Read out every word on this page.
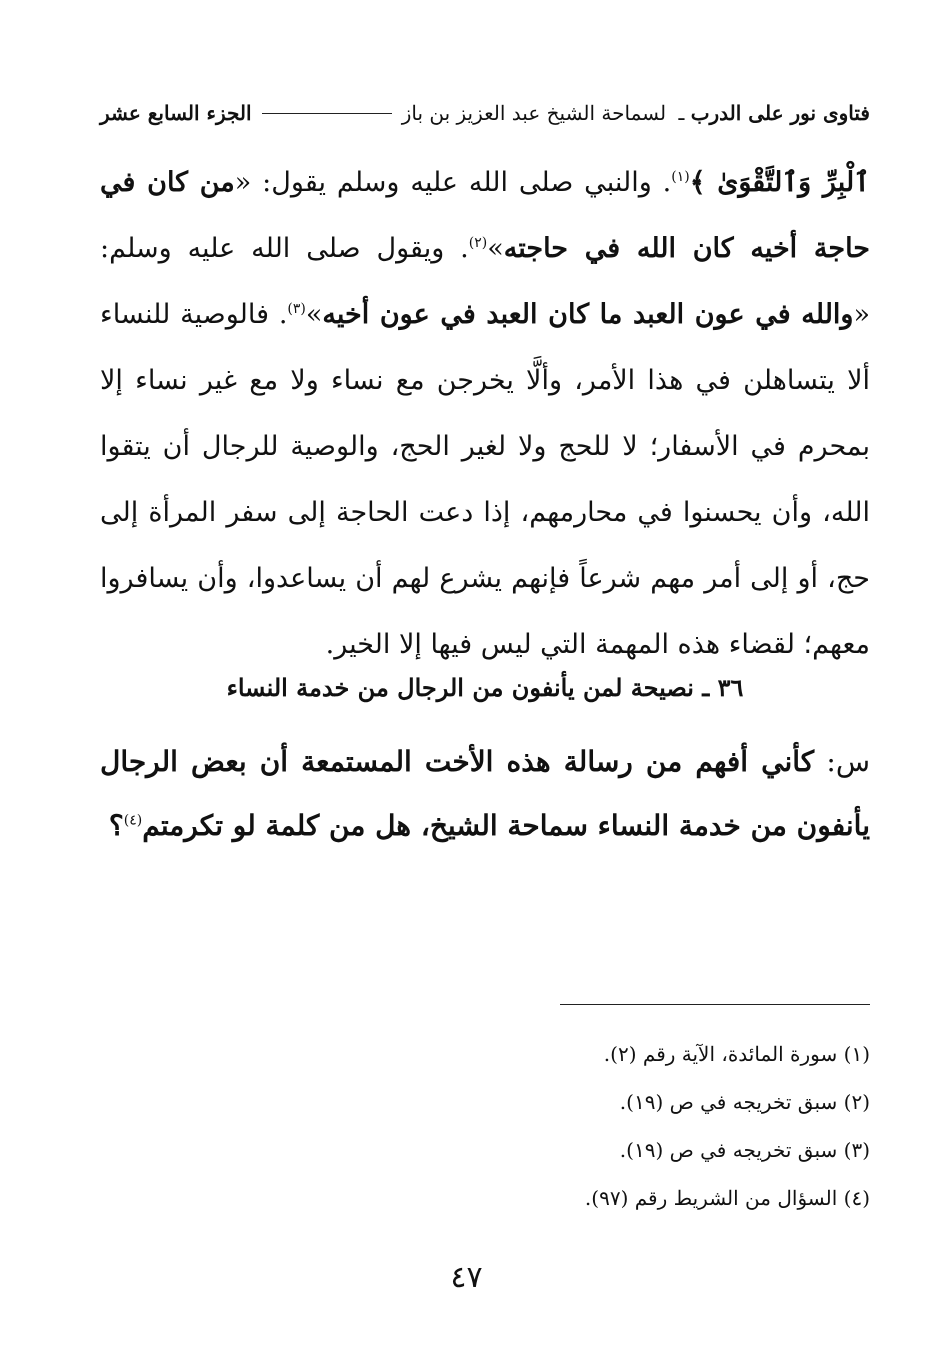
فتاوى نور على الدرب ـ لسماحة الشيخ عبد العزيز بن باز
الجزء السابع عشر

ٱلْبِرِّ وَٱلتَّقْوَىٰ ﴾$^{(١)}$. والنبي صلى الله عليه وسلم يقول: «من كان في حاجة أخيه كان الله في حاجته»$^{(٢)}$. ويقول صلى الله عليه وسلم: «والله في عون العبد ما كان العبد في عون أخيه»$^{(٣)}$. فالوصية للنساء ألا يتساهلن في هذا الأمر، وألَّا يخرجن مع نساء ولا مع غير نساء إلا بمحرم في الأسفار؛ لا للحج ولا لغير الحج، والوصية للرجال أن يتقوا الله، وأن يحسنوا في محارمهم، إذا دعت الحاجة إلى سفر المرأة إلى حج، أو إلى أمر مهم شرعاً فإنهم يشرع لهم أن يساعدوا، وأن يسافروا معهم؛ لقضاء هذه المهمة التي ليس فيها إلا الخير.

٣٦ ـ نصيحة لمن يأنفون من الرجال من خدمة النساء
س: كأني أفهم من رسالة هذه الأخت المستمعة أن بعض الرجال يأنفون من خدمة النساء سماحة الشيخ، هل من كلمة لو تكرمتم$^{(٤)}$؟
(١) سورة المائدة، الآية رقم (٢).
(٢) سبق تخريجه في ص (١٩).
(٣) سبق تخريجه في ص (١٩).
(٤) السؤال من الشريط رقم (٩٧).
٤٧
